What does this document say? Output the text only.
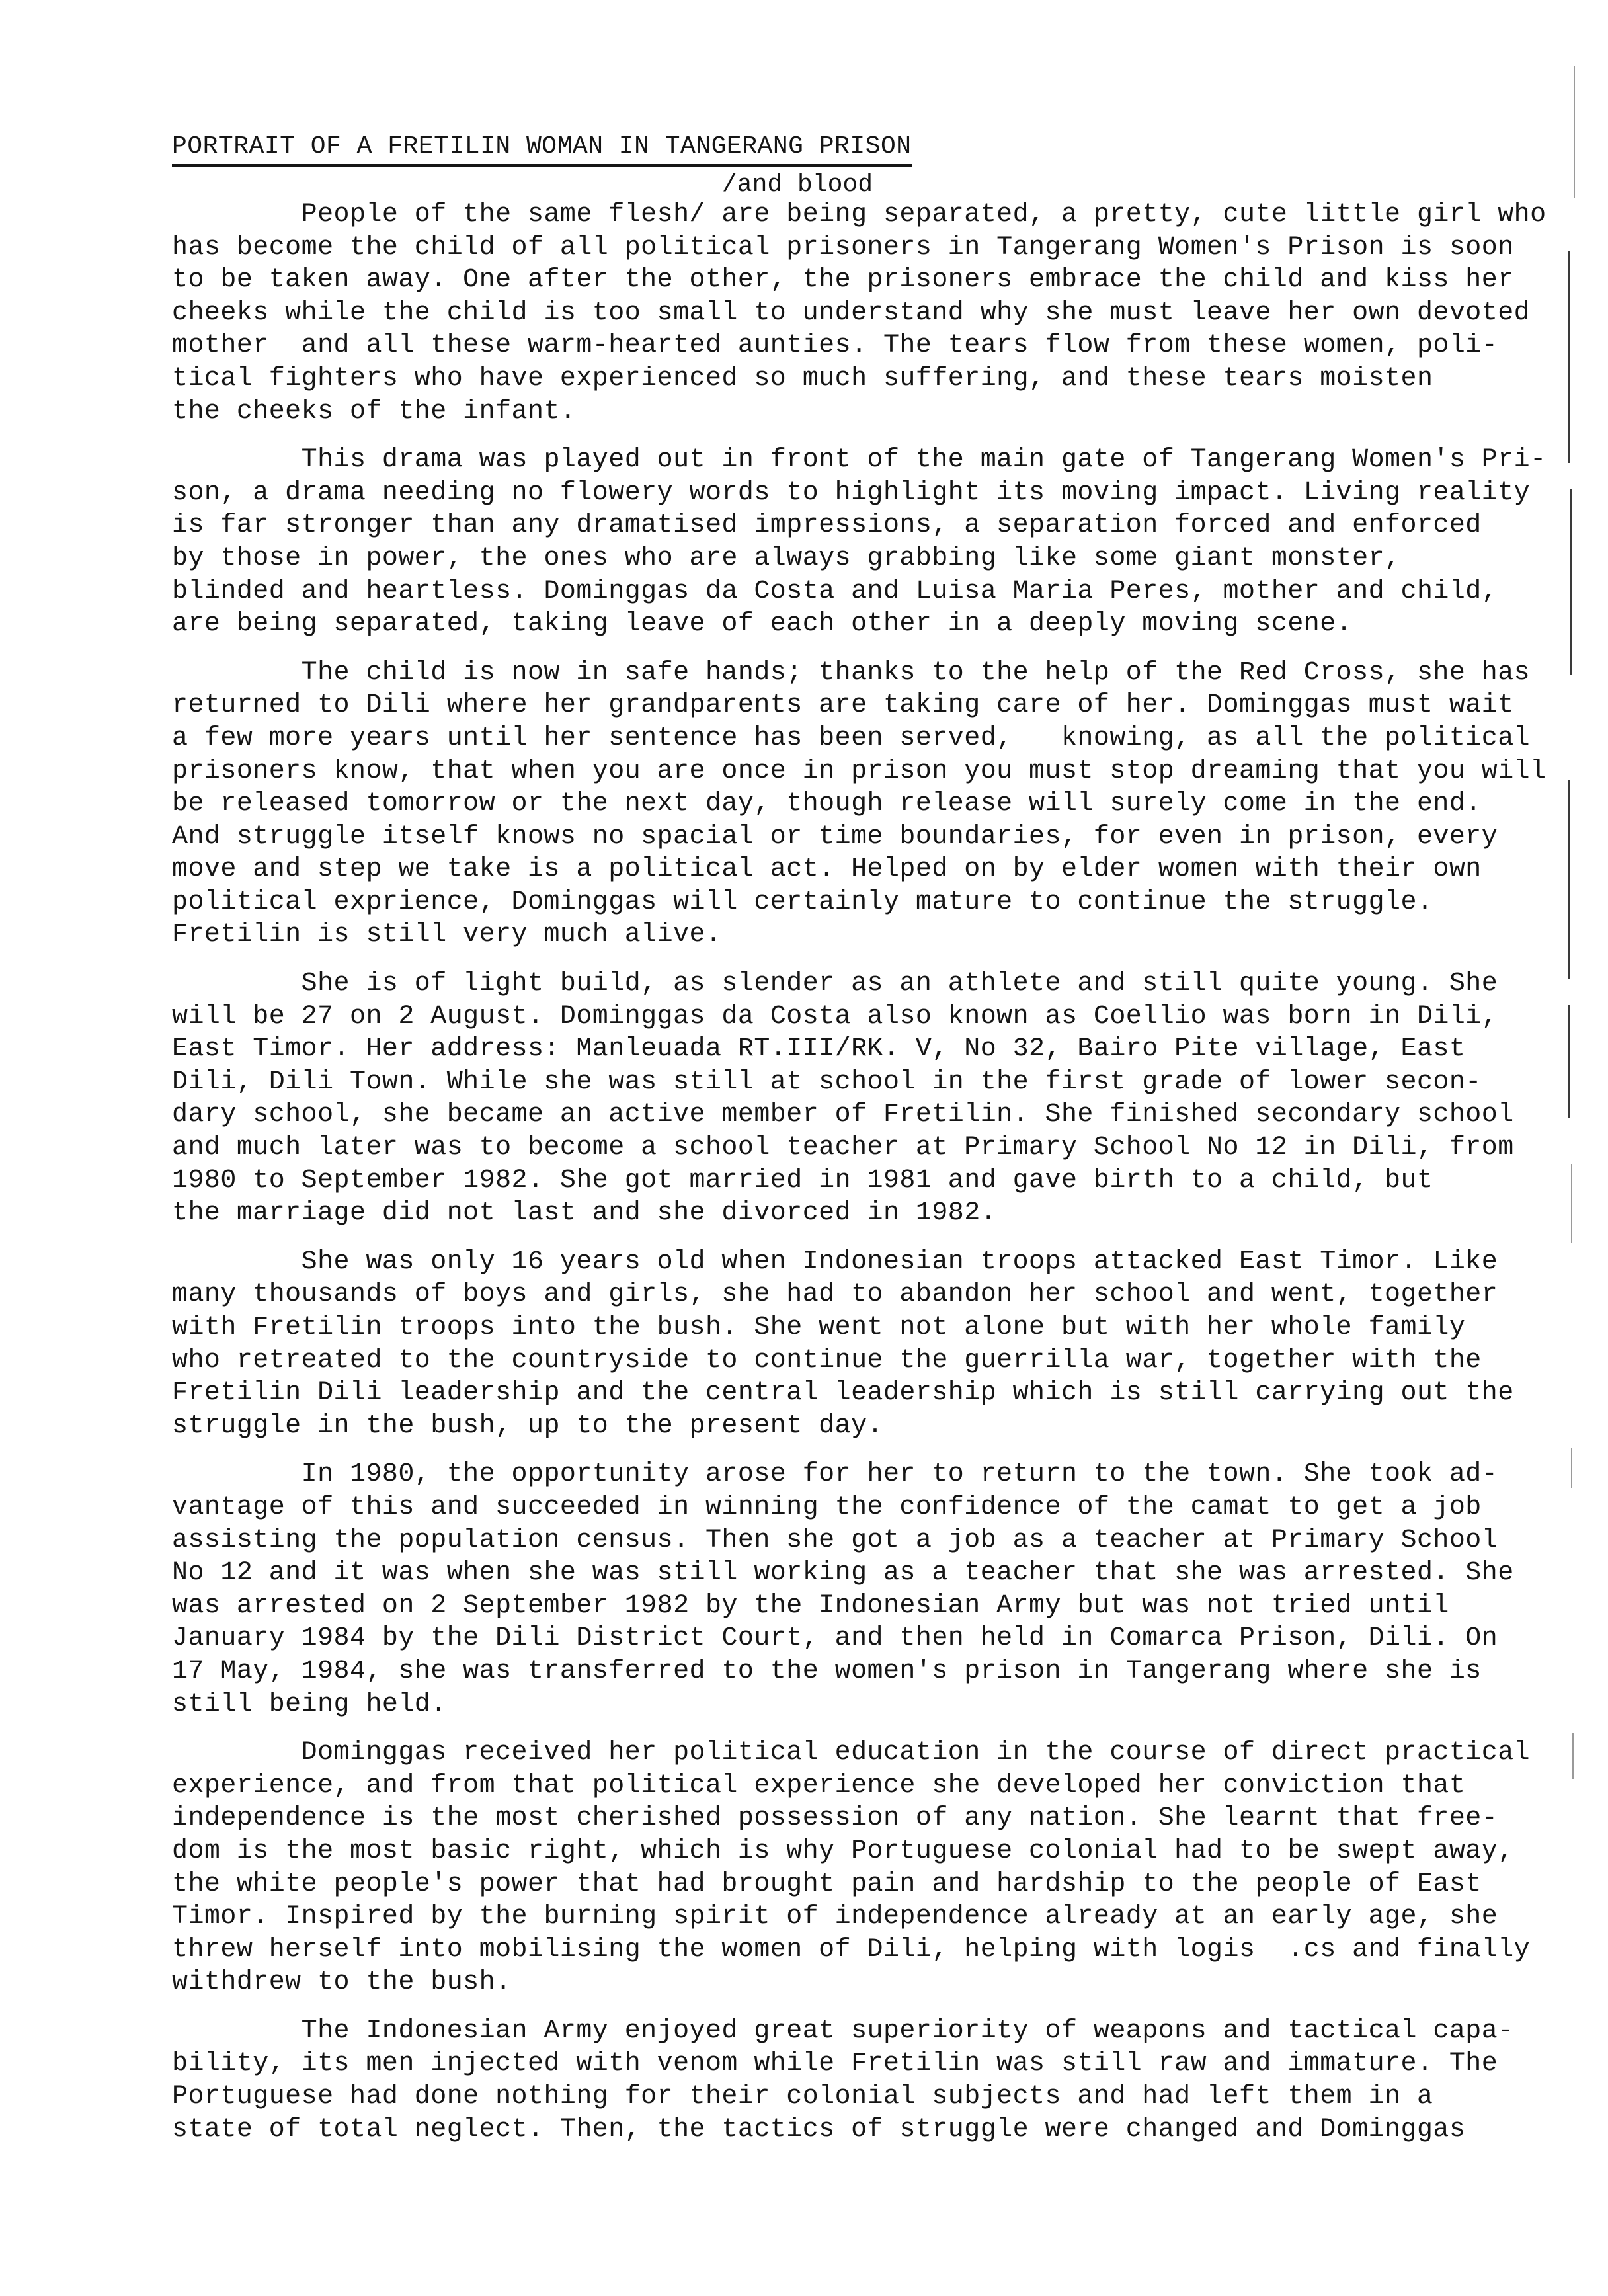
PORTRAIT OF A FRETILIN WOMAN IN TANGERANG PRISON
/and blood

People of the same flesh/ are being separated, a pretty, cute little girl who
has become the child of all political prisoners in Tangerang Women's Prison is soon
to be taken away. One after the other, the prisoners embrace the child and kiss her
cheeks while the child is too small to understand why she must leave her own devoted
mother  and all these warm-hearted aunties. The tears flow from these women, poli-
tical fighters who have experienced so much suffering, and these tears moisten
the cheeks of the infant.

This drama was played out in front of the main gate of Tangerang Women's Pri-
son, a drama needing no flowery words to highlight its moving impact. Living reality
is far stronger than any dramatised impressions, a separation forced and enforced
by those in power, the ones who are always grabbing like some giant monster,
blinded and heartless. Dominggas da Costa and Luisa Maria Peres, mother and child,
are being separated, taking leave of each other in a deeply moving scene.

The child is now in safe hands; thanks to the help of the Red Cross, she has
returned to Dili where her grandparents are taking care of her. Dominggas must wait
a few more years until her sentence has been served,   knowing, as all the political
prisoners know, that when you are once in prison you must stop dreaming that you will
be released tomorrow or the next day, though release will surely come in the end.
And struggle itself knows no spacial or time boundaries, for even in prison, every
move and step we take is a political act. Helped on by elder women with their own
political exprience, Dominggas will certainly mature to continue the struggle.
Fretilin is still very much alive.

She is of light build, as slender as an athlete and still quite young. She
will be 27 on 2 August. Dominggas da Costa also known as Coellio was born in Dili,
East Timor. Her address: Manleuada RT.III/RK. V, No 32, Bairo Pite village, East
Dili, Dili Town. While she was still at school in the first grade of lower secon-
dary school, she became an active member of Fretilin. She finished secondary school
and much later was to become a school teacher at Primary School No 12 in Dili, from
1980 to September 1982. She got married in 1981 and gave birth to a child, but
the marriage did not last and she divorced in 1982.

She was only 16 years old when Indonesian troops attacked East Timor. Like
many thousands of boys and girls, she had to abandon her school and went, together
with Fretilin troops into the bush. She went not alone but with her whole family
who retreated to the countryside to continue the guerrilla war, together with the
Fretilin Dili leadership and the central leadership which is still carrying out the
struggle in the bush, up to the present day.

In 1980, the opportunity arose for her to return to the town. She took ad-
vantage of this and succeeded in winning the confidence of the camat to get a job
assisting the population census. Then she got a job as a teacher at Primary School
No 12 and it was when she was still working as a teacher that she was arrested. She
was arrested on 2 September 1982 by the Indonesian Army but was not tried until
January 1984 by the Dili District Court, and then held in Comarca Prison, Dili. On
17 May, 1984, she was transferred to the women's prison in Tangerang where she is
still being held.

Dominggas received her political education in the course of direct practical
experience, and from that political experience she developed her conviction that
independence is the most cherished possession of any nation. She learnt that free-
dom is the most basic right, which is why Portuguese colonial had to be swept away,
the white people's power that had brought pain and hardship to the people of East
Timor. Inspired by the burning spirit of independence already at an early age, she
threw herself into mobilising the women of Dili, helping with logis  .cs and finally
withdrew to the bush.

The Indonesian Army enjoyed great superiority of weapons and tactical capa-
bility, its men injected with venom while Fretilin was still raw and immature. The
Portuguese had done nothing for their colonial subjects and had left them in a
state of total neglect. Then, the tactics of struggle were changed and Dominggas
